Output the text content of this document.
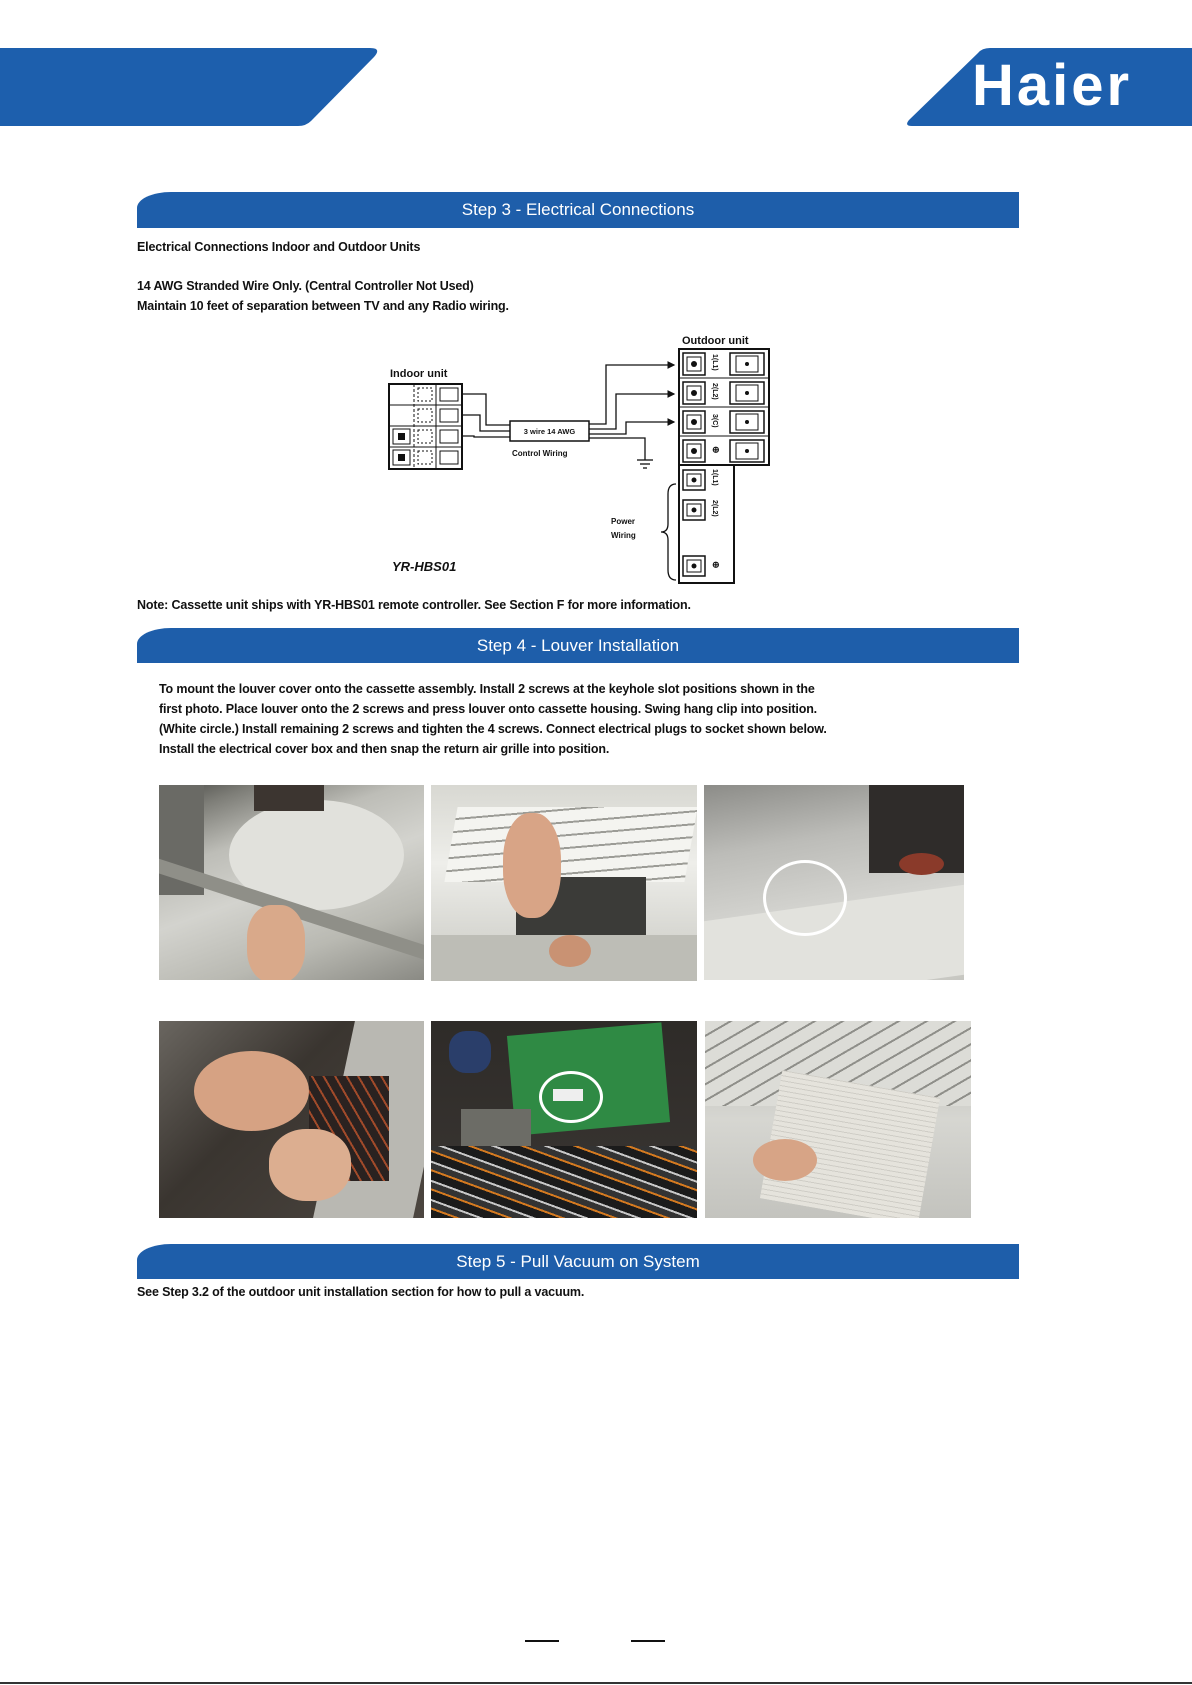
Haier
Step 3 - Electrical Connections
Electrical Connections Indoor and Outdoor Units
14 AWG Stranded Wire Only. (Central Controller Not Used)
Maintain 10 feet of separation between TV and any Radio wiring.
Outdoor unit
Indoor unit
3 wire 14 AWG
Control Wiring
1(L1)
2(L2)
3(C)
⊕
1(L1)
2(L2)
⊕
Power
Wiring
YR-HBS01
Note: Cassette unit ships with YR-HBS01 remote controller. See Section F for more information.
Step 4 - Louver Installation
To mount the louver cover onto the cassette assembly. Install 2 screws at the keyhole slot positions shown in the
first photo. Place louver onto the 2 screws and press louver onto cassette housing. Swing hang clip into position.
(White circle.) Install remaining 2 screws and tighten the 4 screws. Connect electrical plugs to socket shown below.
Install the electrical cover box and then snap the return air grille into position.
Step 5 - Pull Vacuum on System
See Step 3.2 of the outdoor unit installation section for how to pull a vacuum.
